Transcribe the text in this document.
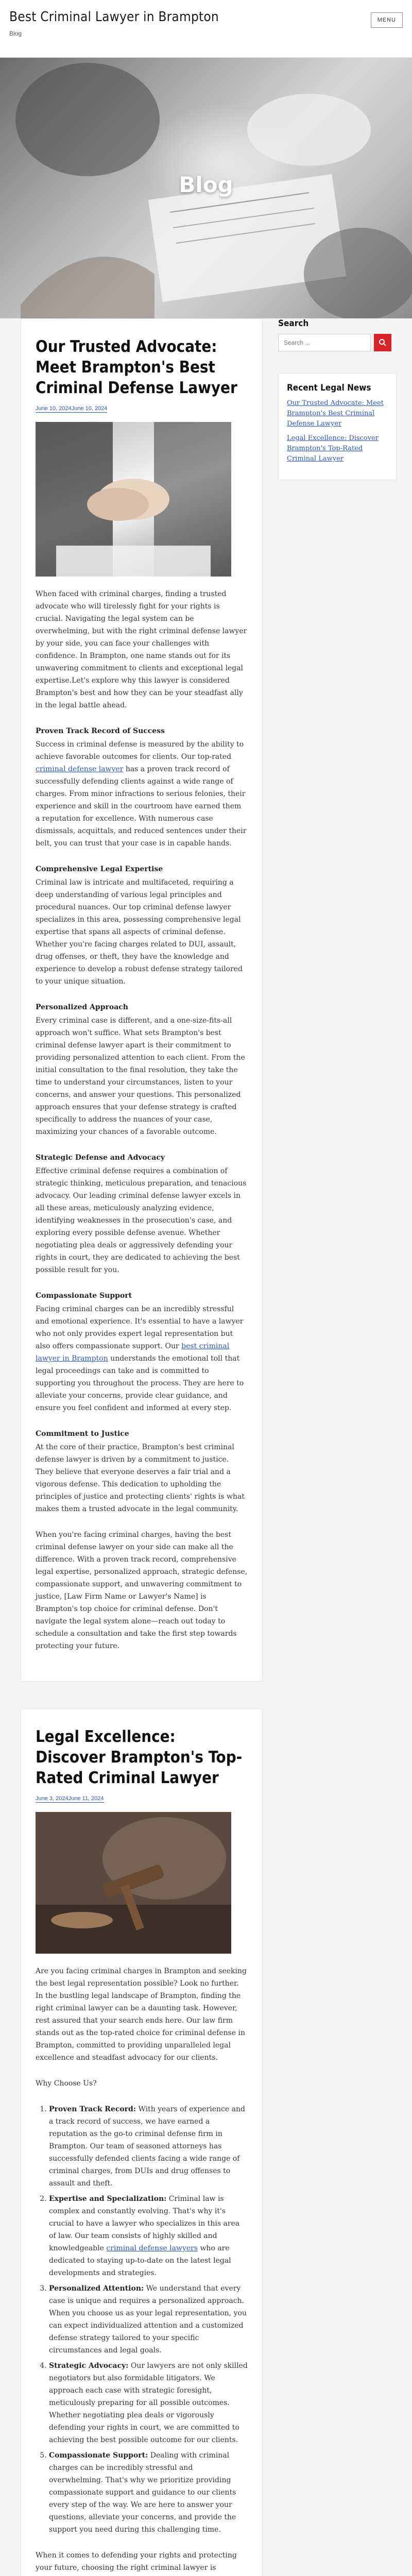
Best Criminal Lawyer in Brampton
Blog
MENU
Blog
Our Trusted Advocate: Meet Brampton's Best Criminal Defense Lawyer
June 10, 2024June 10, 2024

When faced with criminal charges, finding a trusted advocate who will tirelessly fight for your rights is crucial. Navigating the legal system can be overwhelming, but with the right criminal defense lawyer by your side, you can face your challenges with confidence. In Brampton, one name stands out for its unwavering commitment to clients and exceptional legal expertise.Let's explore why this lawyer is considered Brampton's best and how they can be your steadfast ally in the legal battle ahead.

Proven Track Record of Success

Success in criminal defense is measured by the ability to achieve favorable outcomes for clients. Our top-rated criminal defense lawyer has a proven track record of successfully defending clients against a wide range of charges. From minor infractions to serious felonies, their experience and skill in the courtroom have earned them a reputation for excellence. With numerous case dismissals, acquittals, and reduced sentences under their belt, you can trust that your case is in capable hands.

Comprehensive Legal Expertise

Criminal law is intricate and multifaceted, requiring a deep understanding of various legal principles and procedural nuances. Our top criminal defense lawyer specializes in this area, possessing comprehensive legal expertise that spans all aspects of criminal defense. Whether you're facing charges related to DUI, assault, drug offenses, or theft, they have the knowledge and experience to develop a robust defense strategy tailored to your unique situation.

Personalized Approach

Every criminal case is different, and a one-size-fits-all approach won't suffice. What sets Brampton's best criminal defense lawyer apart is their commitment to providing personalized attention to each client. From the initial consultation to the final resolution, they take the time to understand your circumstances, listen to your concerns, and answer your questions. This personalized approach ensures that your defense strategy is crafted specifically to address the nuances of your case, maximizing your chances of a favorable outcome.

Strategic Defense and Advocacy

Effective criminal defense requires a combination of strategic thinking, meticulous preparation, and tenacious advocacy. Our leading criminal defense lawyer excels in all these areas, meticulously analyzing evidence, identifying weaknesses in the prosecution's case, and exploring every possible defense avenue. Whether negotiating plea deals or aggressively defending your rights in court, they are dedicated to achieving the best possible result for you.

Compassionate Support

Facing criminal charges can be an incredibly stressful and emotional experience. It's essential to have a lawyer who not only provides expert legal representation but also offers compassionate support. Our best criminal lawyer in Brampton understands the emotional toll that legal proceedings can take and is committed to supporting you throughout the process. They are here to alleviate your concerns, provide clear guidance, and ensure you feel confident and informed at every step.

Commitment to Justice

At the core of their practice, Brampton's best criminal defense lawyer is driven by a commitment to justice. They believe that everyone deserves a fair trial and a vigorous defense. This dedication to upholding the principles of justice and protecting clients' rights is what makes them a trusted advocate in the legal community.

When you're facing criminal charges, having the best criminal defense lawyer on your side can make all the difference. With a proven track record, comprehensive legal expertise, personalized approach, strategic defense, compassionate support, and unwavering commitment to justice, [Law Firm Name or Lawyer's Name] is Brampton's top choice for criminal defense. Don't navigate the legal system alone—reach out today to schedule a consultation and take the first step towards protecting your future.

Legal Excellence: Discover Brampton's Top-Rated Criminal Lawyer
June 3, 2024June 11, 2024

Are you facing criminal charges in Brampton and seeking the best legal representation possible? Look no further. In the bustling legal landscape of Brampton, finding the right criminal lawyer can be a daunting task. However, rest assured that your search ends here. Our law firm stands out as the top-rated choice for criminal defense in Brampton, committed to providing unparalleled legal excellence and steadfast advocacy for our clients.

Why Choose Us?

1. Proven Track Record: With years of experience and a track record of success, we have earned a reputation as the go-to criminal defense firm in Brampton. Our team of seasoned attorneys has successfully defended clients facing a wide range of criminal charges, from DUIs and drug offenses to assault and theft.
2. Expertise and Specialization: Criminal law is complex and constantly evolving. That's why it's crucial to have a lawyer who specializes in this area of law. Our team consists of highly skilled and knowledgeable criminal defense lawyers who are dedicated to staying up-to-date on the latest legal developments and strategies.
3. Personalized Attention: We understand that every case is unique and requires a personalized approach. When you choose us as your legal representation, you can expect individualized attention and a customized defense strategy tailored to your specific circumstances and legal goals.
4. Strategic Advocacy: Our lawyers are not only skilled negotiators but also formidable litigators. We approach each case with strategic foresight, meticulously preparing for all possible outcomes. Whether negotiating plea deals or vigorously defending your rights in court, we are committed to achieving the best possible outcome for our clients.
5. Compassionate Support: Dealing with criminal charges can be incredibly stressful and overwhelming. That's why we prioritize providing compassionate support and guidance to our clients every step of the way. We are here to answer your questions, alleviate your concerns, and provide the support you need during this challenging time.

When it comes to defending your rights and protecting your future, choosing the right criminal lawyer is

Search
Search ...
Recent Legal News
Our Trusted Advocate: Meet Brampton's Best Criminal Defense Lawyer
Legal Excellence: Discover Brampton's Top-Rated Criminal Lawyer
